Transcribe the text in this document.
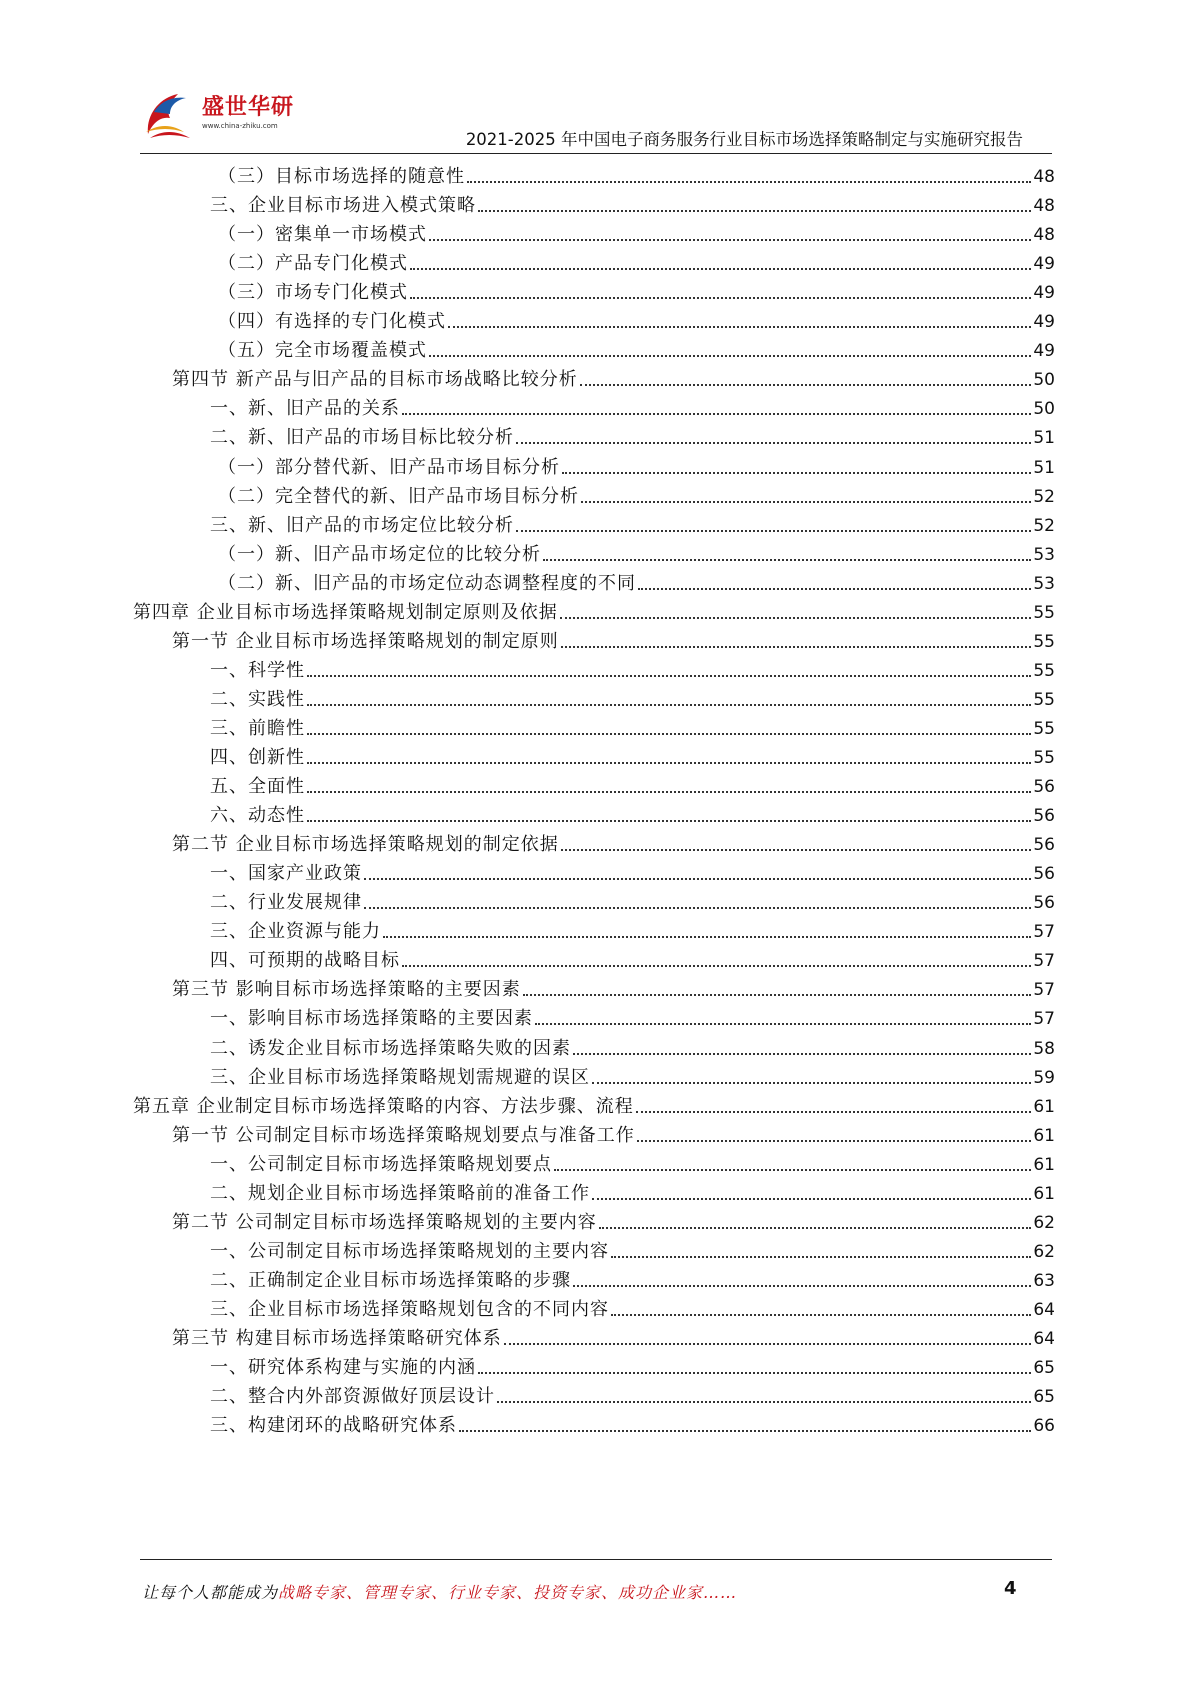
盛世华研
www.china-zhiku.com
2021-2025 年中国电子商务服务行业目标市场选择策略制定与实施研究报告
（三）目标市场选择的随意性	48
三、企业目标市场进入模式策略	48
（一）密集单一市场模式	48
（二）产品专门化模式	49
（三）市场专门化模式	49
（四）有选择的专门化模式	49
（五）完全市场覆盖模式	49
第四节 新产品与旧产品的目标市场战略比较分析	50
一、新、旧产品的关系	50
二、新、旧产品的市场目标比较分析	51
（一）部分替代新、旧产品市场目标分析	51
（二）完全替代的新、旧产品市场目标分析	52
三、新、旧产品的市场定位比较分析	52
（一）新、旧产品市场定位的比较分析	53
（二）新、旧产品的市场定位动态调整程度的不同	53
第四章 企业目标市场选择策略规划制定原则及依据	55
第一节 企业目标市场选择策略规划的制定原则	55
一、科学性	55
二、实践性	55
三、前瞻性	55
四、创新性	55
五、全面性	56
六、动态性	56
第二节 企业目标市场选择策略规划的制定依据	56
一、国家产业政策	56
二、行业发展规律	56
三、企业资源与能力	57
四、可预期的战略目标	57
第三节 影响目标市场选择策略的主要因素	57
一、影响目标市场选择策略的主要因素	57
二、诱发企业目标市场选择策略失败的因素	58
三、企业目标市场选择策略规划需规避的误区	59
第五章 企业制定目标市场选择策略的内容、方法步骤、流程	61
第一节 公司制定目标市场选择策略规划要点与准备工作	61
一、公司制定目标市场选择策略规划要点	61
二、规划企业目标市场选择策略前的准备工作	61
第二节 公司制定目标市场选择策略规划的主要内容	62
一、公司制定目标市场选择策略规划的主要内容	62
二、正确制定企业目标市场选择策略的步骤	63
三、企业目标市场选择策略规划包含的不同内容	64
第三节 构建目标市场选择策略研究体系	64
一、研究体系构建与实施的内涵	65
二、整合内外部资源做好顶层设计	65
三、构建闭环的战略研究体系	66
让每个人都能成为战略专家、管理专家、行业专家、投资专家、成功企业家……	4
